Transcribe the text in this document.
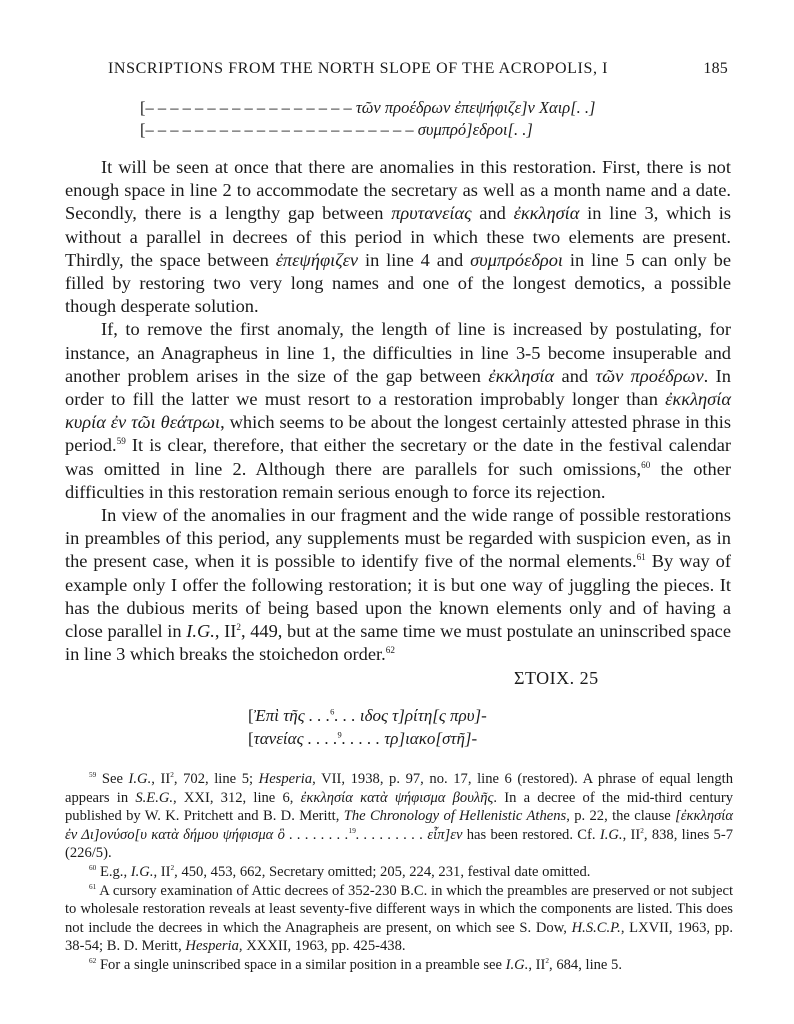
INSCRIPTIONS FROM THE NORTH SLOPE OF THE ACROPOLIS, I	185
[– – – – – – – – – – – – – – – – – τῶν προέδρων ἐπεψήφιζε]ν Χαιρ[. .]
[– – – – – – – – – – – – – – – – – – – – – – συμπρό]εδροι[. .]

It will be seen at once that there are anomalies in this restoration. First, there is not enough space in line 2 to accommodate the secretary as well as a month name and a date. Secondly, there is a lengthy gap between πρυτανείας and ἐκκλησία in line 3, which is without a parallel in decrees of this period in which these two elements are present. Thirdly, the space between ἐπεψήφιζεν in line 4 and συμπρόεδροι in line 5 can only be filled by restoring two very long names and one of the longest demotics, a possible though desperate solution.

If, to remove the first anomaly, the length of line is increased by postulating, for instance, an Anagrapheus in line 1, the difficulties in line 3-5 become insuperable and another problem arises in the size of the gap between ἐκκλησία and τῶν προέδρων. In order to fill the latter we must resort to a restoration improbably longer than ἐκκλησία κυρία ἐν τῶι θεάτρωι, which seems to be about the longest certainly attested phrase in this period.$^{59}$ It is clear, therefore, that either the secretary or the date in the festival calendar was omitted in line 2. Although there are parallels for such omissions,$^{60}$ the other difficulties in this restoration remain serious enough to force its rejection.

In view of the anomalies in our fragment and the wide range of possible restorations in preambles of this period, any supplements must be regarded with suspicion even, as in the present case, when it is possible to identify five of the normal elements.$^{61}$ By way of example only I offer the following restoration; it is but one way of juggling the pieces. It has the dubious merits of being based upon the known elements only and of having a close parallel in I.G., $II^2$, 449, but at the same time we must postulate an uninscribed space in line 3 which breaks the stoichedon order.$^{62}$

ΣΤΟΙΧ. 25
[Ἐπὶ τῆς . . .$^6$. . . ιδος τ]ρίτη[ς πρυ]-
[τανείας . . . .$^9$. . . . . τρ]ιακο[στῆ]-

$^{59}$ See I.G., $II^2$, 702, line 5; Hesperia, VII, 1938, p. 97, no. 17, line 6 (restored). A phrase of equal length appears in S.E.G., XXI, 312, line 6, ἐκκλησία κατὰ ψήφισμα βουλῆς. In a decree of the mid-third century published by W. K. Pritchett and B. D. Meritt, The Chronology of Hellenistic Athens, p. 22, the clause [ἐκκλησία ἐν Δι]ονύσο[υ κατὰ δήμου ψήφισμα ὃ . . . . . . . .$^{19}$. . . . . . . . . εἶπ]εν has been restored. Cf. I.G., $II^2$, 838, lines 5-7 (226/5).

$^{60}$ E.g., I.G., $II^2$, 450, 453, 662, Secretary omitted; 205, 224, 231, festival date omitted.

$^{61}$ A cursory examination of Attic decrees of 352-230 B.C. in which the preambles are preserved or not subject to wholesale restoration reveals at least seventy-five different ways in which the components are listed. This does not include the decrees in which the Anagrapheis are present, on which see S. Dow, H.S.C.P., LXVII, 1963, pp. 38-54; B. D. Meritt, Hesperia, XXXII, 1963, pp. 425-438.

$^{62}$ For a single uninscribed space in a similar position in a preamble see I.G., $II^2$, 684, line 5.
